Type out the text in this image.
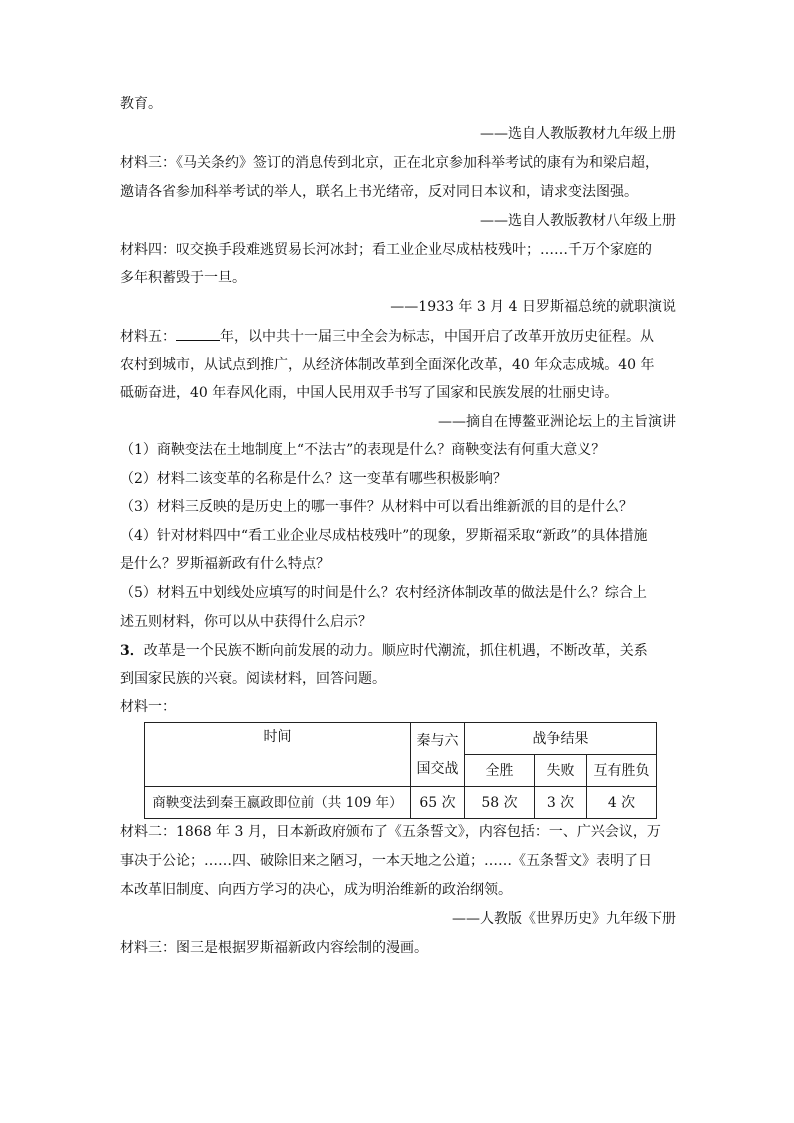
教育。
——选自人教版教材九年级上册
材料三：《马关条约》签订的消息传到北京，正在北京参加科举考试的康有为和梁启超，
邀请各省参加科举考试的举人，联名上书光绪帝，反对同日本议和，请求变法图强。
——选自人教版教材八年级上册
材料四：叹交换手段难逃贸易长河冰封；看工业企业尽成枯枝残叶；……千万个家庭的
多年积蓄毁于一旦。
——1933 年 3 月 4 日罗斯福总统的就职演说
材料五：	年，以中共十一届三中全会为标志，中国开启了改革开放历史征程。从
农村到城市，从试点到推广，从经济体制改革到全面深化改革，40 年众志成城。40 年
砥砺奋进，40 年春风化雨，中国人民用双手书写了国家和民族发展的壮丽史诗。
——摘自在博鳌亚洲论坛上的主旨演讲
（1）商鞅变法在土地制度上“不法古”的表现是什么？商鞅变法有何重大意义？
（2）材料二该变革的名称是什么？这一变革有哪些积极影响？
（3）材料三反映的是历史上的哪一事件？从材料中可以看出维新派的目的是什么？
（4）针对材料四中“看工业企业尽成枯枝残叶”的现象，罗斯福采取“新政”的具体措施
是什么？罗斯福新政有什么特点？
（5）材料五中划线处应填写的时间是什么？农村经济体制改革的做法是什么？综合上
述五则材料，你可以从中获得什么启示？
3．改革是一个民族不断向前发展的动力。顺应时代潮流，抓住机遇，不断改革，关系
到国家民族的兴衰。阅读材料，回答问题。
材料一：
时间	秦与六国交战	战争结果		
		全胜	失败	互有胜负
商鞅变法到秦王嬴政即位前（共 109 年）	65 次	58 次	3 次	4 次
材料二：1868 年 3 月，日本新政府颁布了《五条誓文》，内容包括：一、广兴会议，万
事决于公论；……四、破除旧来之陋习，一本天地之公道；……《五条誓文》表明了日
本改革旧制度、向西方学习的决心，成为明治维新的政治纲领。
——人教版《世界历史》九年级下册
材料三：图三是根据罗斯福新政内容绘制的漫画。
